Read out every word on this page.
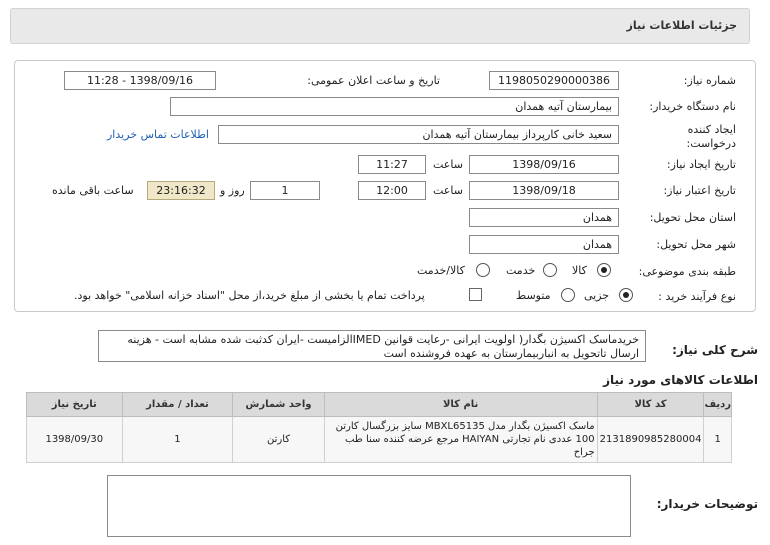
جزئیات اطلاعات نیاز
شماره نیاز:
1198050290000386
تاریخ و ساعت اعلان عمومی:
1398/09/16 - 11:28
نام دستگاه خریدار:
بیمارستان آتیه همدان
ایجاد کننده درخواست:
سعید خانی کارپرداز بیمارستان آتیه همدان
اطلاعات تماس خریدار
تاریخ ایجاد نیاز:
1398/09/16
ساعت
11:27
تاریخ اعتبار نیاز:
1398/09/18
ساعت
12:00
1
روز و
23:16:32
ساعت باقی مانده
استان محل تحویل:
همدان
شهر محل تحویل:
همدان
طبقه بندی موضوعی:
کالا
خدمت
کالا/خدمت
نوع فرآیند خرید :
جزیی
متوسط
پرداخت تمام یا بخشی از مبلغ خرید،از محل "اسناد خزانه اسلامی" خواهد بود.
شرح کلی نیاز:
خریدماسک اکسیژن بگدار( اولویت ایرانی -رعایت قوانین IMEDالزامیست -ایران کدثبت شده مشابه است - هزینه ارسال تاتحویل به انباربیمارستان به عهده فروشنده است
اطلاعات کالاهای مورد نیاز
ردیف	کد کالا	نام کالا	واحد شمارش	تعداد / مقدار	تاریخ نیاز
1	2131890985280004	ماسک اکسیژن بگدار مدل MBXL65135 سایز بزرگسال کارتن 100 عددی نام تجارتی HAIYAN مرجع عرضه کننده سنا طب جراح	کارتن	1	1398/09/30
توضیحات خریدار:
